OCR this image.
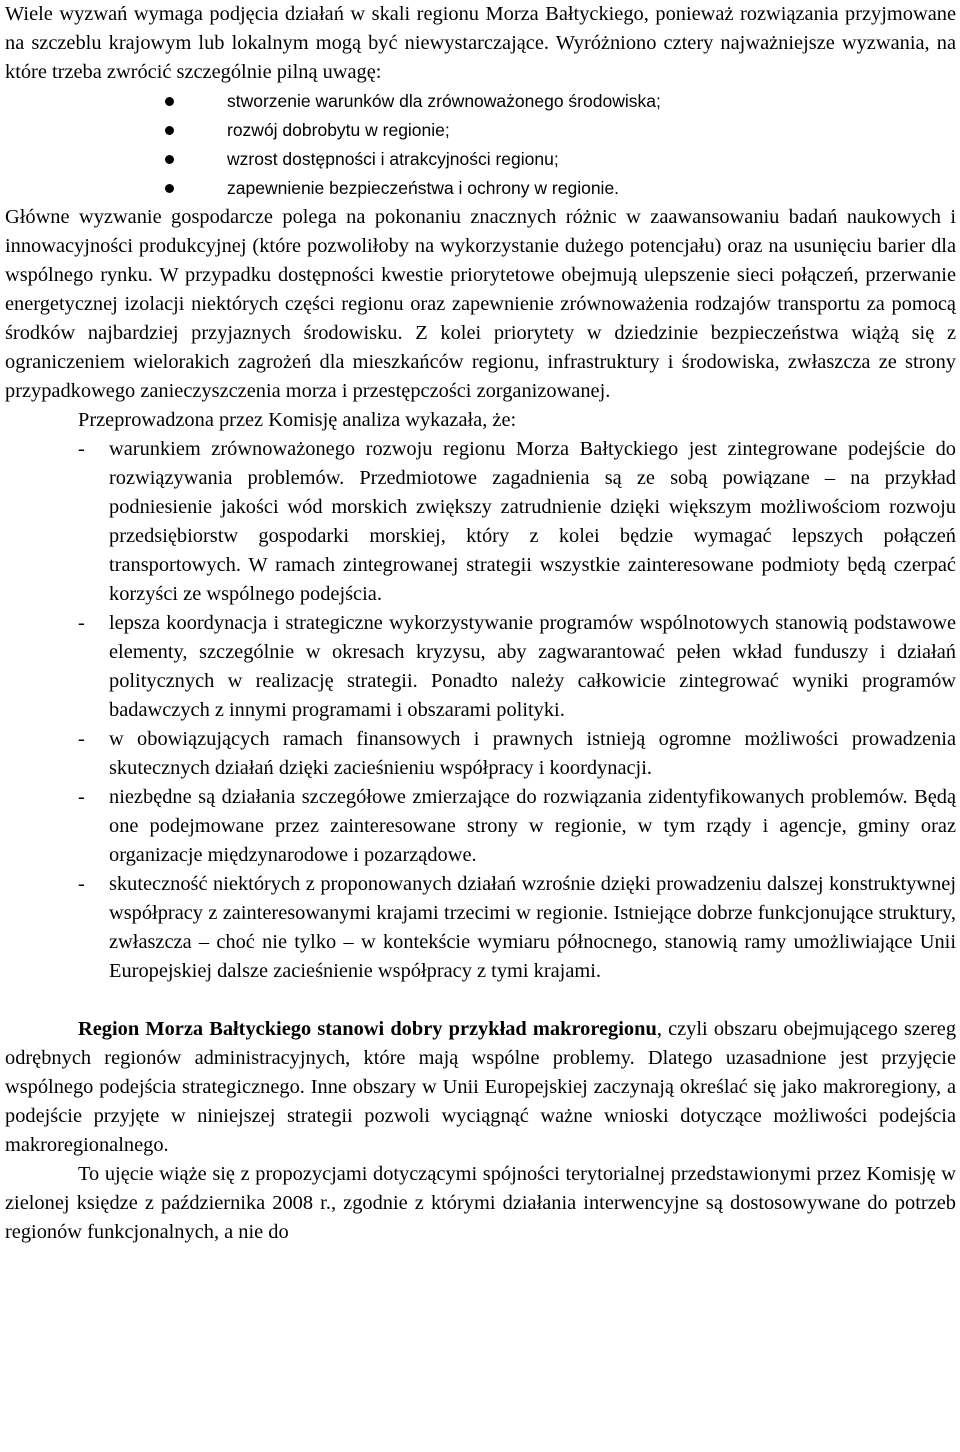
Wiele wyzwań wymaga podjęcia działań w skali regionu Morza Bałtyckiego, ponieważ rozwiązania przyjmowane na szczeblu krajowym lub lokalnym mogą być niewystarczające. Wyróżniono cztery najważniejsze wyzwania, na które trzeba zwrócić szczególnie pilną uwagę:

stworzenie warunków dla zrównoważonego środowiska;
rozwój dobrobytu w regionie;
wzrost dostępności i atrakcyjności regionu;
zapewnienie bezpieczeństwa i ochrony w regionie.

Główne wyzwanie gospodarcze polega na pokonaniu znacznych różnic w zaawansowaniu badań naukowych i innowacyjności produkcyjnej (które pozwoliłoby na wykorzystanie dużego potencjału) oraz na usunięciu barier dla wspólnego rynku. W przypadku dostępności kwestie priorytetowe obejmują ulepszenie sieci połączeń, przerwanie energetycznej izolacji niektórych części regionu oraz zapewnienie zrównoważenia rodzajów transportu za pomocą środków najbardziej przyjaznych środowisku. Z kolei priorytety w dziedzinie bezpieczeństwa wiążą się z ograniczeniem wielorakich zagrożeń dla mieszkańców regionu, infrastruktury i środowiska, zwłaszcza ze strony przypadkowego zanieczyszczenia morza i przestępczości zorganizowanej.

Przeprowadzona przez Komisję analiza wykazała, że:

- warunkiem zrównoważonego rozwoju regionu Morza Bałtyckiego jest zintegrowane podejście do rozwiązywania problemów. Przedmiotowe zagadnienia są ze sobą powiązane – na przykład podniesienie jakości wód morskich zwiększy zatrudnienie dzięki większym możliwościom rozwoju przedsiębiorstw gospodarki morskiej, który z kolei będzie wymagać lepszych połączeń transportowych. W ramach zintegrowanej strategii wszystkie zainteresowane podmioty będą czerpać korzyści ze wspólnego podejścia.
- lepsza koordynacja i strategiczne wykorzystywanie programów wspólnotowych stanowią podstawowe elementy, szczególnie w okresach kryzysu, aby zagwarantować pełen wkład funduszy i działań politycznych w realizację strategii. Ponadto należy całkowicie zintegrować wyniki programów badawczych z innymi programami i obszarami polityki.
- w obowiązujących ramach finansowych i prawnych istnieją ogromne możliwości prowadzenia skutecznych działań dzięki zacieśnieniu współpracy i koordynacji.
- niezbędne są działania szczegółowe zmierzające do rozwiązania zidentyfikowanych problemów. Będą one podejmowane przez zainteresowane strony w regionie, w tym rządy i agencje, gminy oraz organizacje międzynarodowe i pozarządowe.
- skuteczność niektórych z proponowanych działań wzrośnie dzięki prowadzeniu dalszej konstruktywnej współpracy z zainteresowanymi krajami trzecimi w regionie. Istniejące dobrze funkcjonujące struktury, zwłaszcza – choć nie tylko – w kontekście wymiaru północnego, stanowią ramy umożliwiające Unii Europejskiej dalsze zacieśnienie współpracy z tymi krajami.

Region Morza Bałtyckiego stanowi dobry przykład makroregionu, czyli obszaru obejmującego szereg odrębnych regionów administracyjnych, które mają wspólne problemy. Dlatego uzasadnione jest przyjęcie wspólnego podejścia strategicznego. Inne obszary w Unii Europejskiej zaczynają określać się jako makroregiony, a podejście przyjęte w niniejszej strategii pozwoli wyciągnąć ważne wnioski dotyczące możliwości podejścia makroregionalnego.

To ujęcie wiąże się z propozycjami dotyczącymi spójności terytorialnej przedstawionymi przez Komisję w zielonej księdze z października 2008 r., zgodnie z którymi działania interwencyjne są dostosowywane do potrzeb regionów funkcjonalnych, a nie do
